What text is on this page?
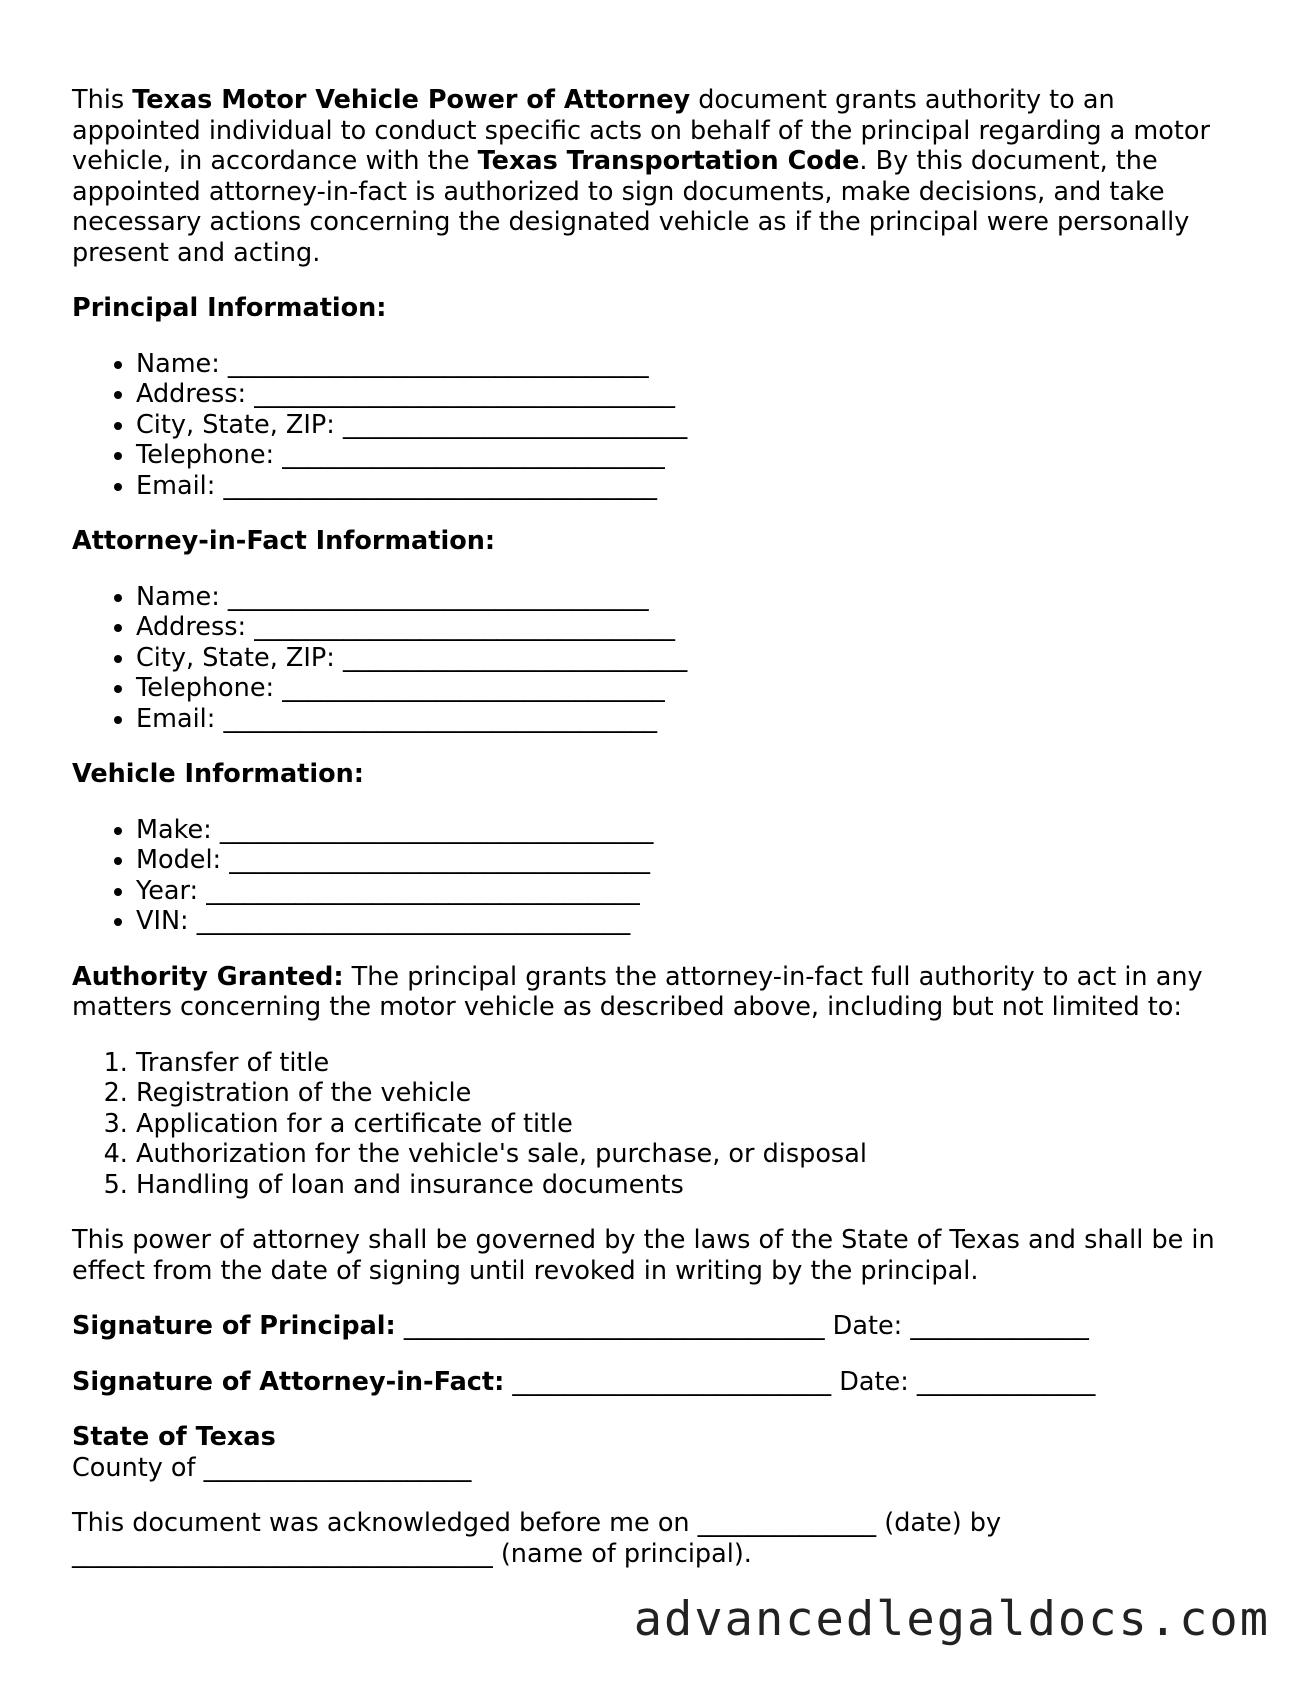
This Texas Motor Vehicle Power of Attorney document grants authority to an appointed individual to conduct specific acts on behalf of the principal regarding a motor vehicle, in accordance with the Texas Transportation Code. By this document, the appointed attorney-in-fact is authorized to sign documents, make decisions, and take necessary actions concerning the designated vehicle as if the principal were personally present and acting.

Principal Information:

• Name: _________________________________
• Address: _________________________________
• City, State, ZIP: ___________________________
• Telephone: ______________________________
• Email: __________________________________

Attorney-in-Fact Information:

• Name: _________________________________
• Address: _________________________________
• City, State, ZIP: ___________________________
• Telephone: ______________________________
• Email: __________________________________

Vehicle Information:

• Make: __________________________________
• Model: _________________________________
• Year: __________________________________
• VIN: __________________________________

Authority Granted: The principal grants the attorney-in-fact full authority to act in any matters concerning the motor vehicle as described above, including but not limited to:

1. Transfer of title
2. Registration of the vehicle
3. Application for a certificate of title
4. Authorization for the vehicle's sale, purchase, or disposal
5. Handling of loan and insurance documents

This power of attorney shall be governed by the laws of the State of Texas and shall be in effect from the date of signing until revoked in writing by the principal.

Signature of Principal: _________________________________ Date: ______________

Signature of Attorney-in-Fact: _________________________ Date: ______________

State of Texas

County of _____________________

This document was acknowledged before me on ______________ (date) by _________________________________ (name of principal).

advancedlegaldocs.com
